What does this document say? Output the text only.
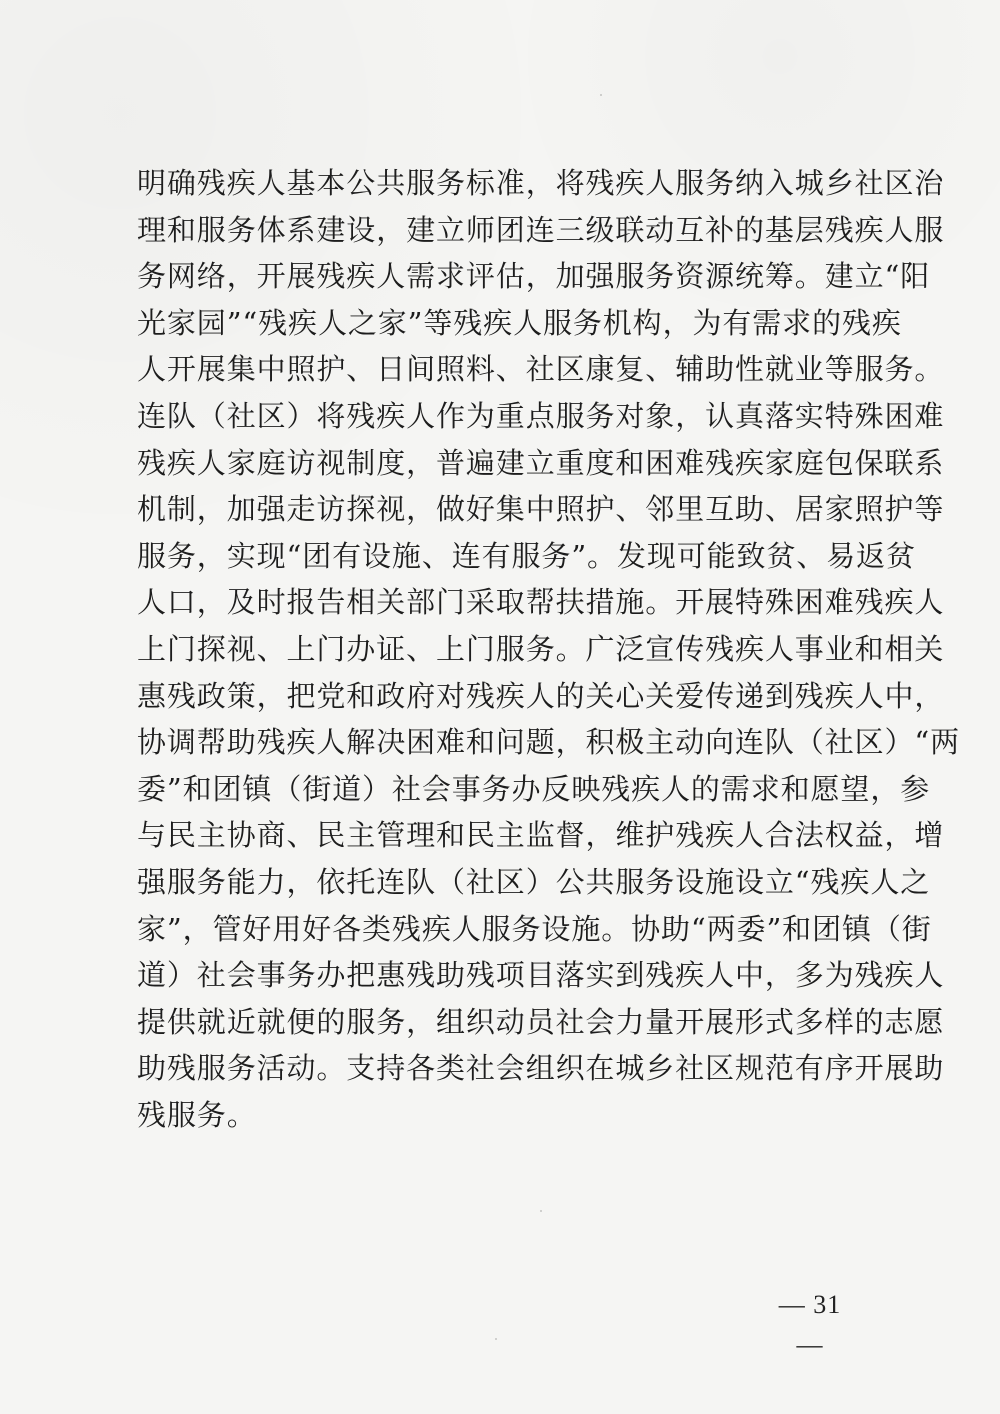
明确残疾人基本公共服务标准，将残疾人服务纳入城乡社区治
理和服务体系建设，建立师团连三级联动互补的基层残疾人服
务网络，开展残疾人需求评估，加强服务资源统筹。建立“阳
光家园”“残疾人之家”等残疾人服务机构，为有需求的残疾
人开展集中照护、日间照料、社区康复、辅助性就业等服务。
连队（社区）将残疾人作为重点服务对象，认真落实特殊困难
残疾人家庭访视制度，普遍建立重度和困难残疾家庭包保联系
机制，加强走访探视，做好集中照护、邻里互助、居家照护等
服务，实现“团有设施、连有服务”。发现可能致贫、易返贫
人口，及时报告相关部门采取帮扶措施。开展特殊困难残疾人
上门探视、上门办证、上门服务。广泛宣传残疾人事业和相关
惠残政策，把党和政府对残疾人的关心关爱传递到残疾人中，
协调帮助残疾人解决困难和问题，积极主动向连队（社区）“两
委”和团镇（街道）社会事务办反映残疾人的需求和愿望，参
与民主协商、民主管理和民主监督，维护残疾人合法权益，增
强服务能力，依托连队（社区）公共服务设施设立“残疾人之
家”，管好用好各类残疾人服务设施。协助“两委”和团镇（街
道）社会事务办把惠残助残项目落实到残疾人中，多为残疾人
提供就近就便的服务，组织动员社会力量开展形式多样的志愿
助残服务活动。支持各类社会组织在城乡社区规范有序开展助
残服务。
— 31 —
